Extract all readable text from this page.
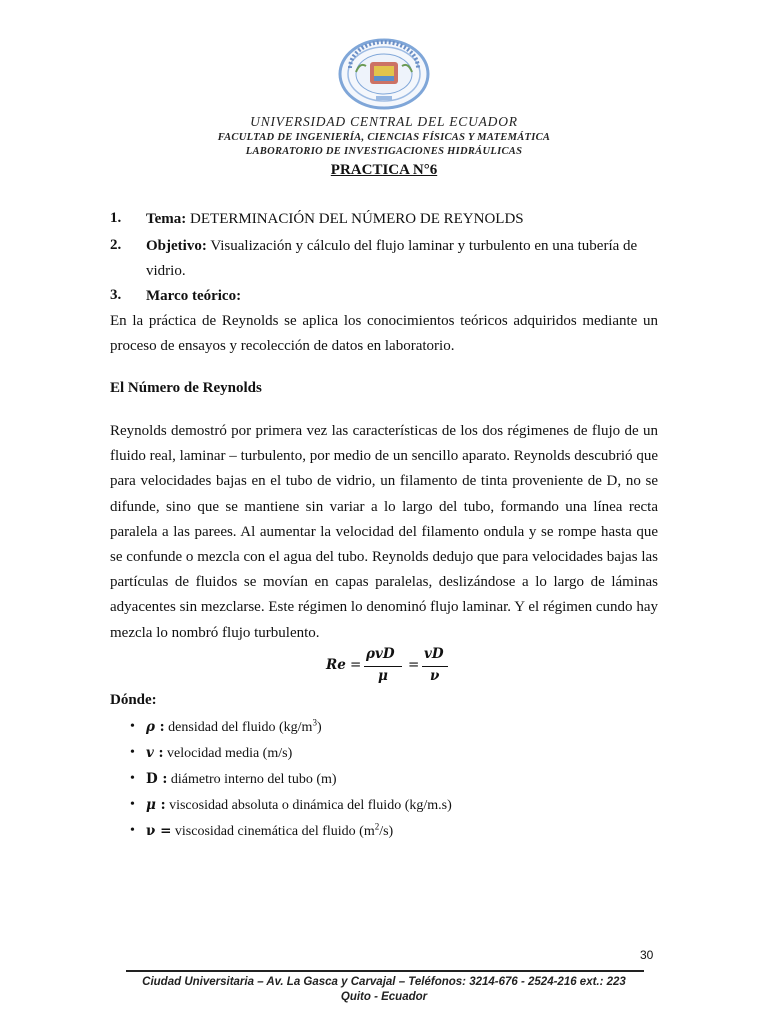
UNIVERSIDAD CENTRAL DEL ECUADOR
FACULTAD DE INGENIERÍA, CIENCIAS FÍSICAS Y MATEMÁTICA
LABORATORIO DE INVESTIGACIONES HIDRÁULICAS
PRACTICA N°6
1. Tema: DETERMINACIÓN DEL NÚMERO DE REYNOLDS
2. Objetivo: Visualización y cálculo del flujo laminar y turbulento en una tubería de
vidrio.
3. Marco teórico:
En la práctica de Reynolds se aplica los conocimientos teóricos adquiridos mediante un proceso de ensayos y recolección de datos en laboratorio.
El Número de Reynolds
Reynolds demostró por primera vez las características de los dos régimenes de flujo de un fluido real, laminar – turbulento, por medio de un sencillo aparato. Reynolds descubrió que para velocidades bajas en el tubo de vidrio, un filamento de tinta proveniente de D, no se difunde, sino que se mantiene sin variar a lo largo del tubo, formando una línea recta paralela a las parees. Al aumentar la velocidad del filamento ondula y se rompe hasta que se confunde o mezcla con el agua del tubo. Reynolds dedujo que para velocidades bajas las partículas de fluidos se movían en capas paralelas, deslizándose a lo largo de láminas adyacentes sin mezclarse. Este régimen lo denominó flujo laminar. Y el régimen cundo hay mezcla lo nombró flujo turbulento.
Re =
ρvD
μ
=
vD
ν
Dónde:
• ρ : densidad del fluido $(kg/m^3)$
• v : velocidad media (m/s)
• D : diámetro interno del tubo (m)
• μ : viscosidad absoluta o dinámica del fluido (kg/m.s)
• ν = viscosidad cinemática del fluido $(m^2/s)$
30
Ciudad Universitaria – Av. La Gasca y Carvajal – Teléfonos: 3214-676 - 2524-216 ext.: 223
Quito - Ecuador
